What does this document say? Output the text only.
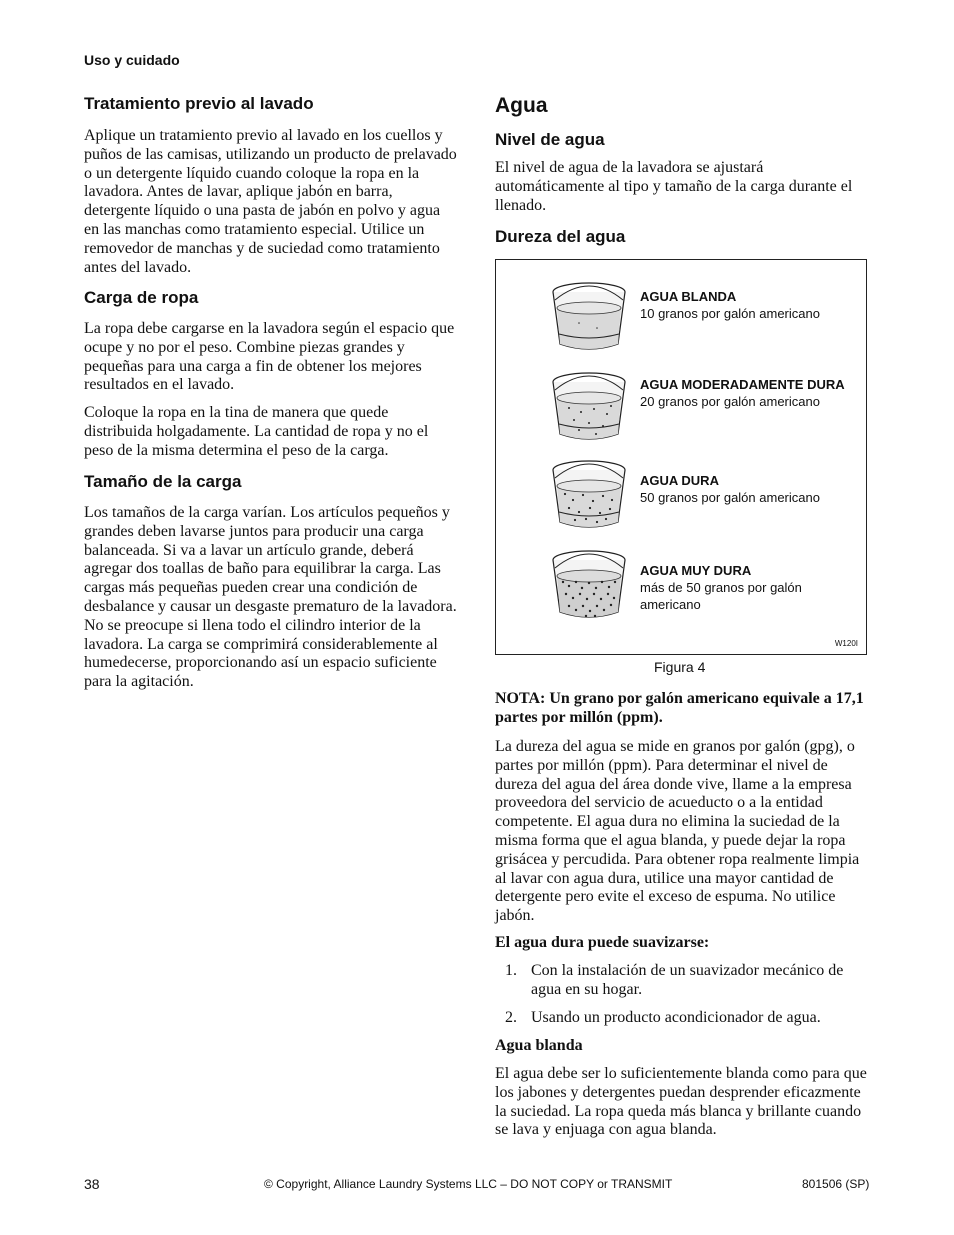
Uso y cuidado
Tratamiento previo al lavado

Aplique un tratamiento previo al lavado en los cuellos y puños de las camisas, utilizando un producto de prelavado o un detergente líquido cuando coloque la ropa en la lavadora. Antes de lavar, aplique jabón en barra, detergente líquido o una pasta de jabón en polvo y agua en las manchas como tratamiento especial. Utilice un removedor de manchas y de suciedad como tratamiento antes del lavado.

Carga de ropa

La ropa debe cargarse en la lavadora según el espacio que ocupe y no por el peso. Combine piezas grandes y pequeñas para una carga a fin de obtener los mejores resultados en el lavado.

Coloque la ropa en la tina de manera que quede distribuida holgadamente. La cantidad de ropa y no el peso de la misma determina el peso de la carga.

Tamaño de la carga

Los tamaños de la carga varían. Los artículos pequeños y grandes deben lavarse juntos para producir una carga balanceada. Si va a lavar un artículo grande, deberá agregar dos toallas de baño para equilibrar la carga. Las cargas más pequeñas pueden crear una condición de desbalance y causar un desgaste prematuro de la lavadora. No se preocupe si llena todo el cilindro interior de la lavadora. La carga se comprimirá considerablemente al humedecerse, proporcionando así un espacio suficiente para la agitación.

Agua
Nivel de agua

El nivel de agua de la lavadora se ajustará automáticamente al tipo y tamaño de la carga durante el llenado.

Dureza del agua
AGUA BLANDA
10 granos por galón americano
AGUA MODERADAMENTE DURA
20 granos por galón americano
AGUA DURA
50 granos por galón americano
AGUA MUY DURA
más de 50 granos por galón americano
W120I
Figura 4

NOTA: Un grano por galón americano equivale a 17,1 partes por millón (ppm).

La dureza del agua se mide en granos por galón (gpg), o partes por millón (ppm). Para determinar el nivel de dureza del agua del área donde vive, llame a la empresa proveedora del servicio de acueducto o a la entidad competente. El agua dura no elimina la suciedad de la misma forma que el agua blanda, y puede dejar la ropa grisácea y percudida. Para obtener ropa realmente limpia al lavar con agua dura, utilice una mayor cantidad de detergente pero evite el exceso de espuma. No utilice jabón.

El agua dura puede suavizarse:

1. Con la instalación de un suavizador mecánico de agua en su hogar.
2. Usando un producto acondicionador de agua.

Agua blanda

El agua debe ser lo suficientemente blanda como para que los jabones y detergentes puedan desprender eficazmente la suciedad. La ropa queda más blanca y brillante cuando se lava y enjuaga con agua blanda.

38	© Copyright, Alliance Laundry Systems LLC – DO NOT COPY or TRANSMIT	801506 (SP)
